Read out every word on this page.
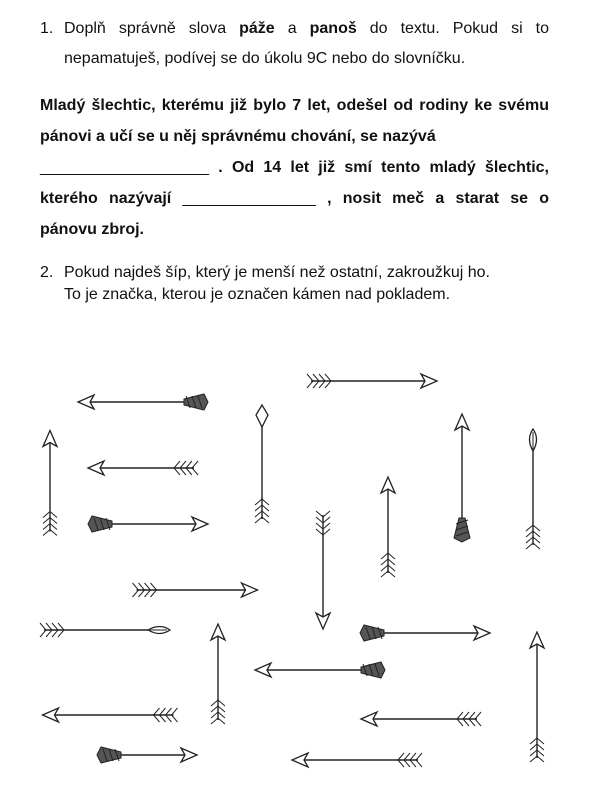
1. Doplň správně slova páže a panoš do textu. Pokud si to nepamatuješ, podívej se do úkolu 9C nebo do slovníčku.
Mladý šlechtic, kterému již bylo 7 let, odešel od rodiny ke svému pánovi a učí se u něj správnému chování, se nazývá
___________________ . Od 14 let již smí tento mladý šlechtic, kterého nazývají _______________ , nosit meč a starat se o pánovu zbroj.
2. Pokud najdeš šíp, který je menší než ostatní, zakroužkuj ho.
To je značka, kterou je označen kámen nad pokladem.
